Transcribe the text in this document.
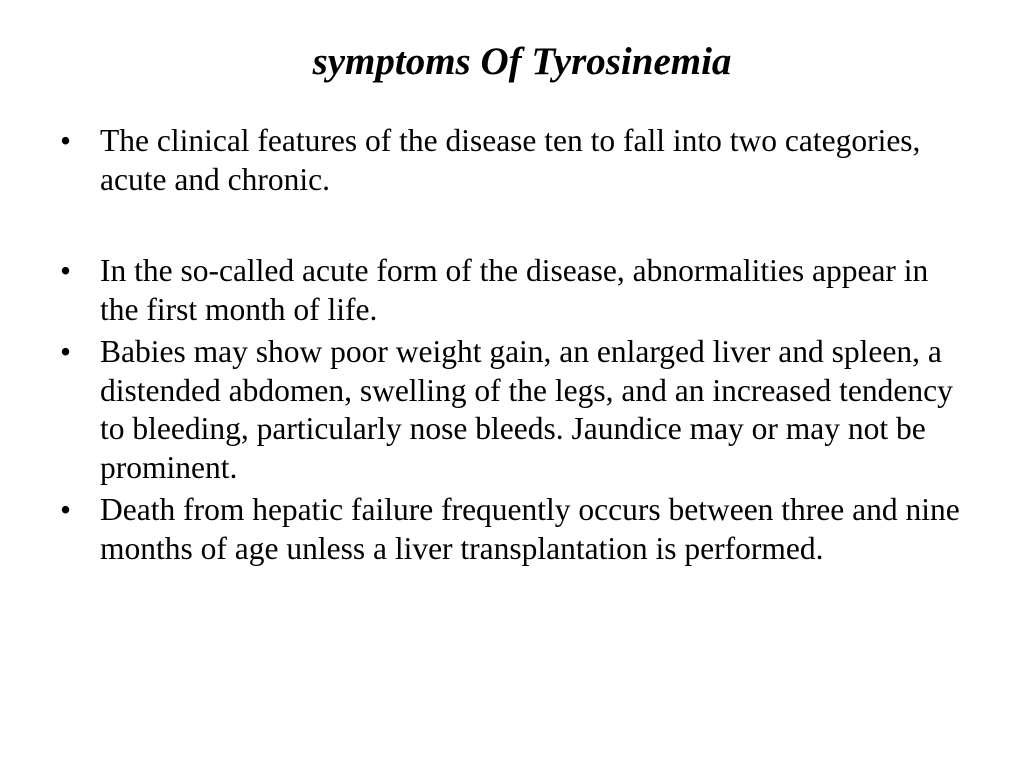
symptoms Of Tyrosinemia
• The clinical features of the disease ten to fall into two categories, acute and chronic.
• In the so-called acute form of the disease, abnormalities appear in the first month of life.
• Babies may show poor weight gain, an enlarged liver and spleen, a distended abdomen, swelling of the legs, and an increased tendency to bleeding, particularly nose bleeds. Jaundice may or may not be prominent.
• Death from hepatic failure frequently occurs between three and nine months of age unless a liver transplantation is performed.
